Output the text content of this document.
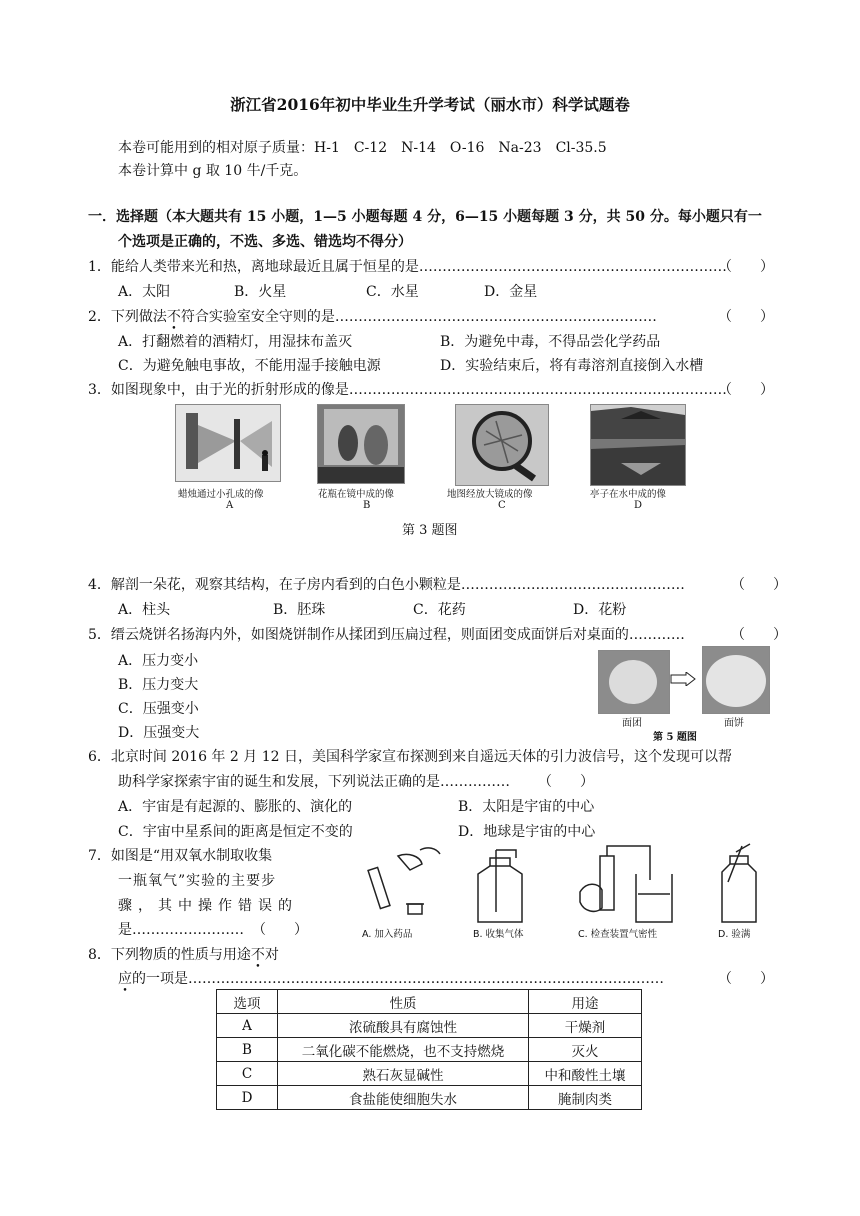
浙江省2016年初中毕业生升学考试（丽水市）科学试题卷
本卷可能用到的相对原子质量：H-1　C-12　N-14　O-16　Na-23　Cl-35.5
本卷计算中 g 取 10 牛/千克。
一．选择题（本大题共有 15 小题，1—5 小题每题 4 分，6—15 小题每题 3 分，共 50 分。每小题只有一
个选项是正确的，不选、多选、错选均不得分）
1．能给人类带来光和热，离地球最近且属于恒星的是…………………………………………………………
（　　）
A．太阳	B．火星	C．水星	D．金星
2．下列做法不符合实验室安全守则的是……………………………………………………………	（　　）
A．打翻燃着的酒精灯，用湿抹布盖灭	B．为避免中毒，不得品尝化学药品
C．为避免触电事故，不能用湿手接触电源	D．实验结束后，将有毒溶剂直接倒入水槽
3．如图现象中，由于光的折射形成的像是………………………………………………………………………
（　　）
蜡烛通过小孔成的像
A
花瓶在镜中成的像
B
地图经放大镜成的像
C
亭子在水中成的像
D
第 3 题图
4．解剖一朵花，观察其结构，在子房内看到的白色小颗粒是…………………………………………	（　　）
A．柱头	B．胚珠	C．花药	D．花粉
5．缙云烧饼名扬海内外，如图烧饼制作从揉团到压扁过程，则面团变成面饼后对桌面的…………	（　　）
A．压力变小
B．压力变大
C．压强变小
D．压强变大
面团	面饼
第 5 题图
6．北京时间 2016 年 2 月 12 日，美国科学家宣布探测到来自遥远天体的引力波信号，这个发现可以帮
助科学家探索宇宙的诞生和发展，下列说法正确的是…………… （　　）
A．宇宙是有起源的、膨胀的、演化的	B．太阳是宇宙的中心
C．宇宙中星系间的距离是恒定不变的	D．地球是宇宙的中心
7．如图是“用双氧水制取收集
一瓶氧气”实验的主要步
骤，其中操作错误的
是…………………… （　　）	A. 加入药品	B. 收集气体	C. 检查装置气密性	D. 验满
8．下列物质的性质与用途不对
应的一项是…………………………………………………………………………………………	（　　）
选项	性质	用途
A	浓硫酸具有腐蚀性	干燥剂
B	二氧化碳不能燃烧，也不支持燃烧	灭火
C	熟石灰显碱性	中和酸性土壤
D	食盐能使细胞失水	腌制肉类
